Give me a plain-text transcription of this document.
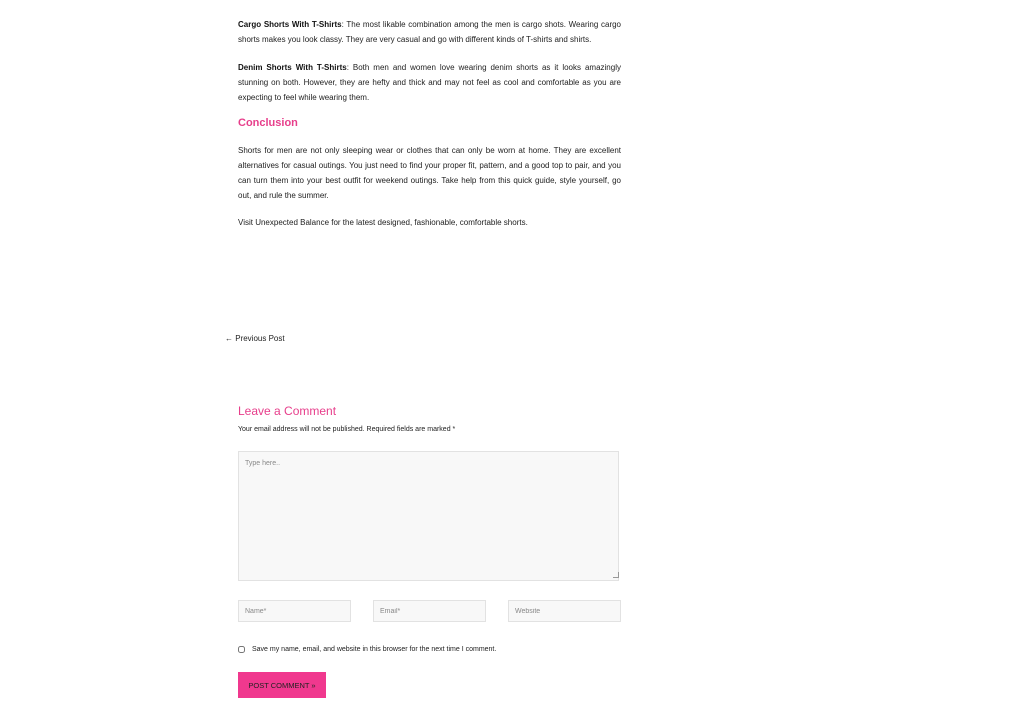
Cargo Shorts With T-Shirts: The most likable combination among the men is cargo shots. Wearing cargo shorts makes you look classy. They are very casual and go with different kinds of T-shirts and shirts.

Denim Shorts With T-Shirts: Both men and women love wearing denim shorts as it looks amazingly stunning on both. However, they are hefty and thick and may not feel as cool and comfortable as you are expecting to feel while wearing them.

Conclusion

Shorts for men are not only sleeping wear or clothes that can only be worn at home. They are excellent alternatives for casual outings. You just need to find your proper fit, pattern, and a good top to pair, and you can turn them into your best outfit for weekend outings. Take help from this quick guide, style yourself, go out, and rule the summer.

Visit Unexpected Balance for the latest designed, fashionable, comfortable shorts.

← Previous Post
Leave a Comment
Your email address will not be published. Required fields are marked *
Type here..
Name*
Email*
Website
Save my name, email, and website in this browser for the next time I comment.
POST COMMENT »
